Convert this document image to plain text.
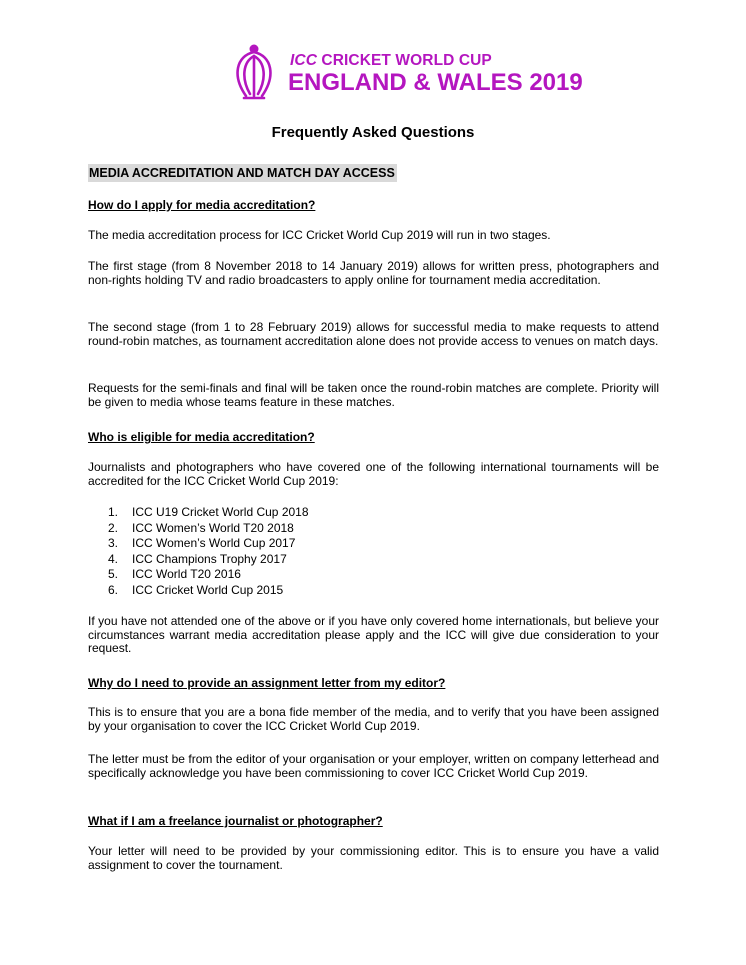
ICC CRICKET WORLD CUP
ENGLAND & WALES 2019
Frequently Asked Questions
MEDIA ACCREDITATION AND MATCH DAY ACCESS
How do I apply for media accreditation?

The media accreditation process for ICC Cricket World Cup 2019 will run in two stages.

The first stage (from 8 November 2018 to 14 January 2019) allows for written press, photographers and non-rights holding TV and radio broadcasters to apply online for tournament media accreditation.

The second stage (from 1 to 28 February 2019) allows for successful media to make requests to attend round-robin matches, as tournament accreditation alone does not provide access to venues on match days.

Requests for the semi-finals and final will be taken once the round-robin matches are complete. Priority will be given to media whose teams feature in these matches.

Who is eligible for media accreditation?

Journalists and photographers who have covered one of the following international tournaments will be accredited for the ICC Cricket World Cup 2019:

1. ICC U19 Cricket World Cup 2018
2. ICC Women’s World T20 2018
3. ICC Women’s World Cup 2017
4. ICC Champions Trophy 2017
5. ICC World T20 2016
6. ICC Cricket World Cup 2015

If you have not attended one of the above or if you have only covered home internationals, but believe your circumstances warrant media accreditation please apply and the ICC will give due consideration to your request.

Why do I need to provide an assignment letter from my editor?

This is to ensure that you are a bona fide member of the media, and to verify that you have been assigned by your organisation to cover the ICC Cricket World Cup 2019.

The letter must be from the editor of your organisation or your employer, written on company letterhead and specifically acknowledge you have been commissioning to cover ICC Cricket World Cup 2019.

What if I am a freelance journalist or photographer?

Your letter will need to be provided by your commissioning editor. This is to ensure you have a valid assignment to cover the tournament.
